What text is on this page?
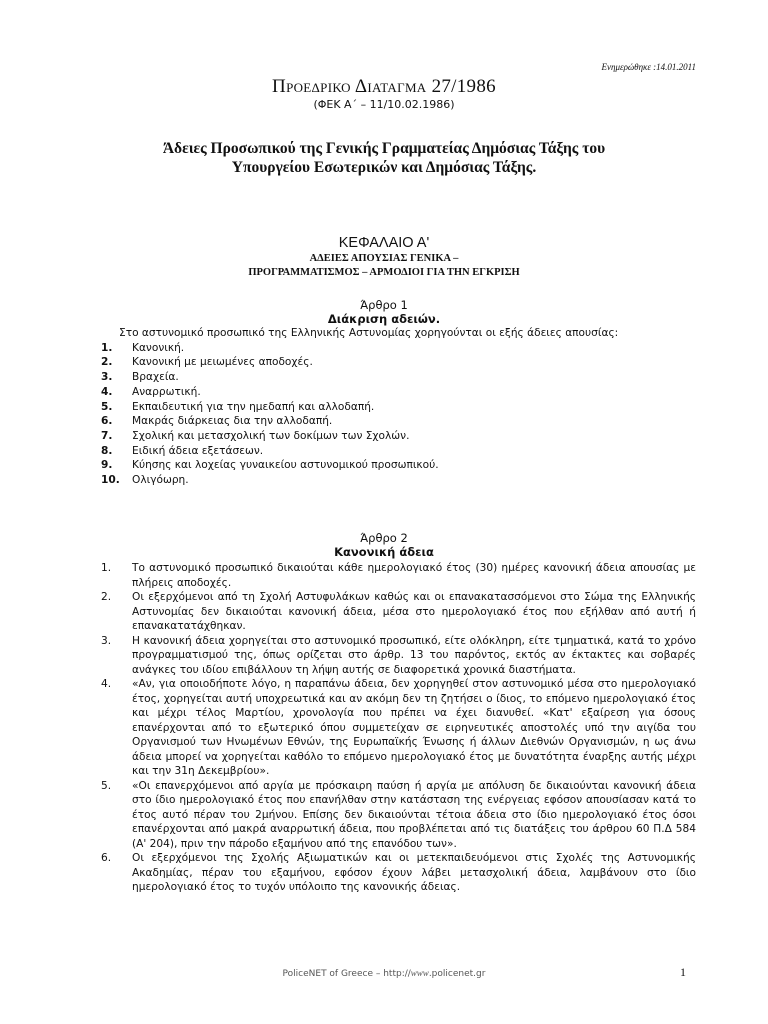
Ενημερώθηκε :14.01.2011
Προεδρικο Διαταγμα 27/1986
(ΦΕΚ Α΄ – 11/10.02.1986)
Άδειες Προσωπικού της Γενικής Γραμματείας Δημόσιας Τάξης του
Υπουργείου Εσωτερικών και Δημόσιας Τάξης.
ΚΕΦΑΛΑΙΟ Α'
ΑΔΕΙΕΣ ΑΠΟΥΣΙΑΣ ΓΕΝΙΚΑ –
ΠΡΟΓΡΑΜΜΑΤΙΣΜΟΣ – ΑΡΜΟΔΙΟΙ ΓΙΑ ΤΗΝ ΕΓΚΡΙΣΗ
Άρθρο 1
Διάκριση αδειών.

Στο αστυνομικό προσωπικό της Ελληνικής Αστυνομίας χορηγούνται οι εξής άδειες απουσίας:

1.	Κανονική.
2.	Κανονική με μειωμένες αποδοχές.
3.	Βραχεία.
4.	Αναρρωτική.
5.	Εκπαιδευτική για την ημεδαπή και αλλοδαπή.
6.	Μακράς διάρκειας δια την αλλοδαπή.
7.	Σχολική και μετασχολική των δοκίμων των Σχολών.
8.	Ειδική άδεια εξετάσεων.
9.	Κύησης και λοχείας γυναικείου αστυνομικού προσωπικού.
10.	Ολιγόωρη.
Άρθρο 2
Κανονική άδεια
1.	Το αστυνομικό προσωπικό δικαιούται κάθε ημερολογιακό έτος (30) ημέρες κανονική άδεια απουσίας με πλήρεις αποδοχές.
2.	Οι εξερχόμενοι από τη Σχολή Αστυφυλάκων καθώς και οι επανακατασσόμενοι στο Σώμα της Ελληνικής Αστυνομίας δεν δικαιούται κανονική άδεια, μέσα στο ημερολογιακό έτος που εξήλθαν από αυτή ή επανακατατάχθηκαν.
3.	Η κανονική άδεια χορηγείται στο αστυνομικό προσωπικό, είτε ολόκληρη, είτε τμηματικά, κατά το χρόνο προγραμματισμού της, όπως ορίζεται στο άρθρ. 13 του παρόντος, εκτός αν έκτακτες και σοβαρές ανάγκες του ιδίου επιβάλλουν τη λήψη αυτής σε διαφορετικά χρονικά διαστήματα.
4.	«Αν, για οποιοδήποτε λόγο, η παραπάνω άδεια, δεν χορηγηθεί στον αστυνομικό μέσα στο ημερολογιακό έτος, χορηγείται αυτή υποχρεωτικά και αν ακόμη δεν τη ζητήσει ο ίδιος, το επόμενο ημερολογιακό έτος και μέχρι τέλος Μαρτίου, χρονολογία που πρέπει να έχει διανυθεί. «Κατ' εξαίρεση για όσους επανέρχονται από το εξωτερικό όπου συμμετείχαν σε ειρηνευτικές αποστολές υπό την αιγίδα του Οργανισμού των Ηνωμένων Εθνών, της Ευρωπαϊκής Ένωσης ή άλλων Διεθνών Οργανισμών, η ως άνω άδεια μπορεί να χορηγείται καθόλο το επόμενο ημερολογιακό έτος με δυνατότητα έναρξης αυτής μέχρι και την 31η Δεκεμβρίου».
5.	«Οι επανερχόμενοι από αργία με πρόσκαιρη παύση ή αργία με απόλυση δε δικαιούνται κανονική άδεια στο ίδιο ημερολογιακό έτος που επανήλθαν στην κατάσταση της ενέργειας εφόσον απουσίασαν κατά το έτος αυτό πέραν του 2μήνου. Επίσης δεν δικαιούνται τέτοια άδεια στο ίδιο ημερολογιακό έτος όσοι επανέρχονται από μακρά αναρρωτική άδεια, που προβλέπεται από τις διατάξεις του άρθρου 60 Π.Δ 584 (Α' 204), πριν την πάροδο εξαμήνου από της επανόδου των».
6.	Οι εξερχόμενοι της Σχολής Αξιωματικών και οι μετεκπαιδευόμενοι στις Σχολές της Αστυνομικής Ακαδημίας, πέραν του εξαμήνου, εφόσον έχουν λάβει μετασχολική άδεια, λαμβάνουν στο ίδιο ημερολογιακό έτος το τυχόν υπόλοιπο της κανονικής άδειας.
PoliceNET of Greece – http://www.policenet.gr	1
